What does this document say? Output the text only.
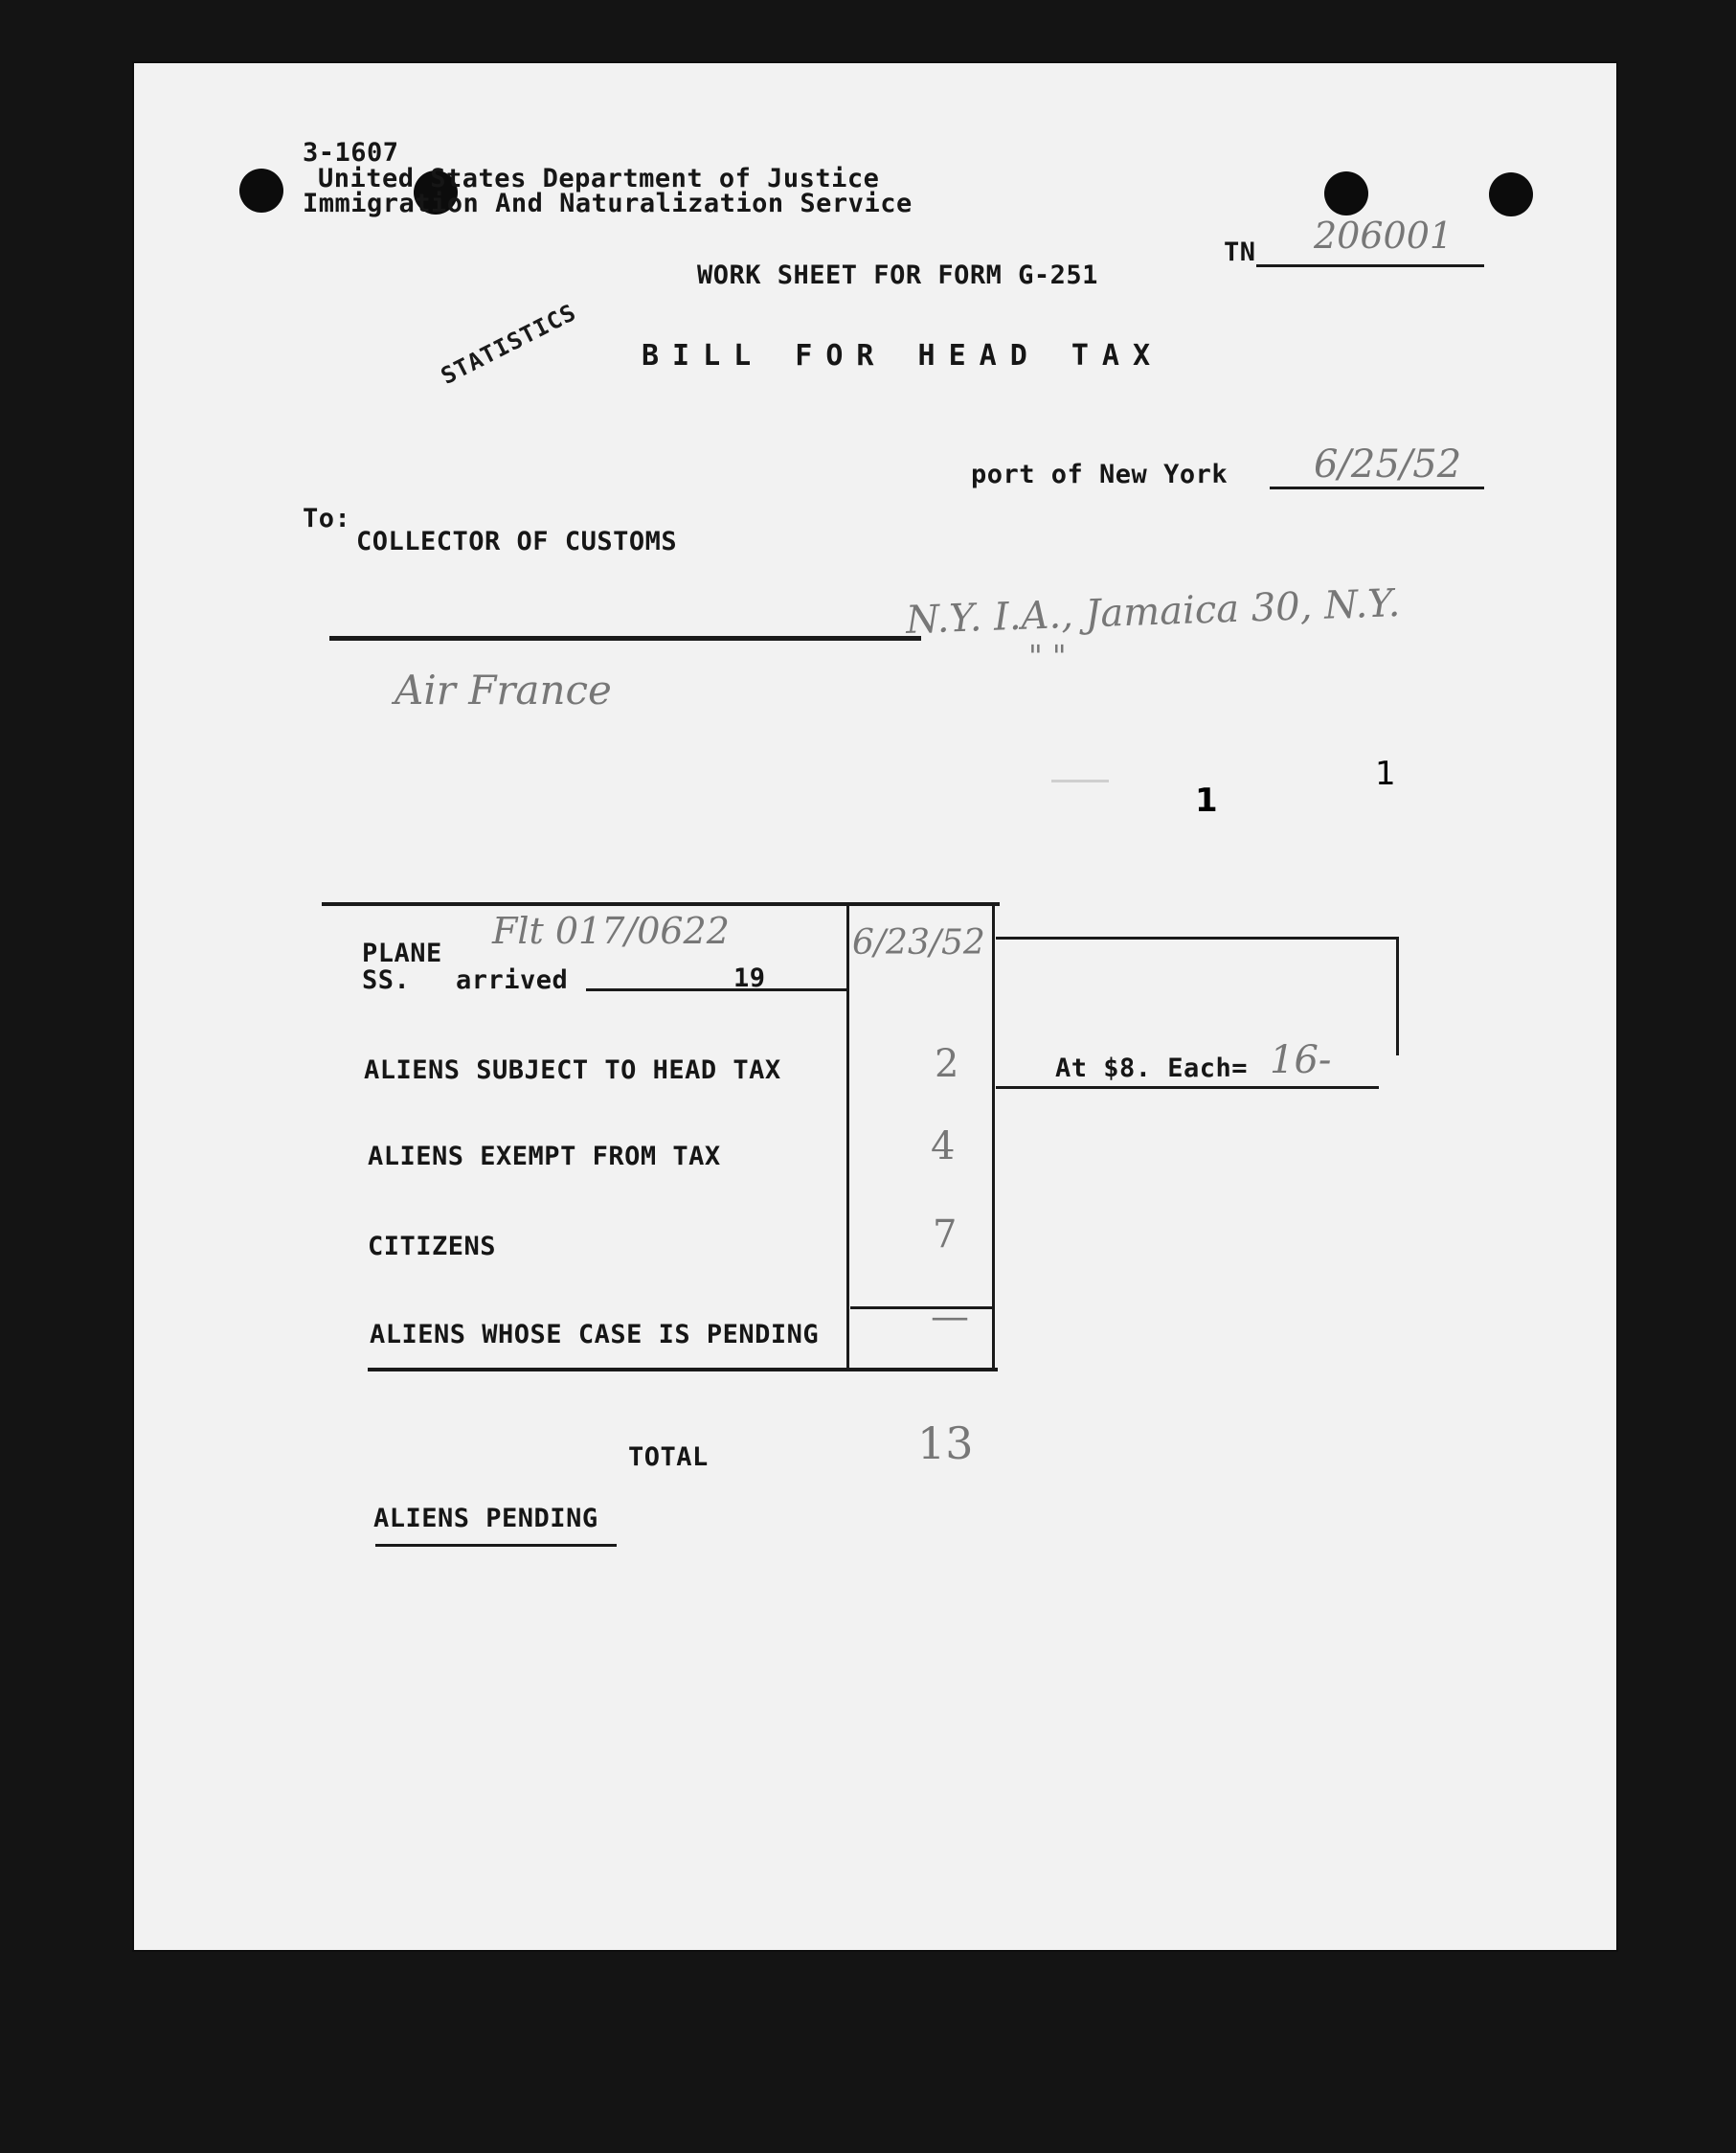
3-1607
United States Department of Justice
Immigration And Naturalization Service
STATISTICS
WORK SHEET FOR FORM G-251
TN 206001
BILL FOR HEAD TAX
port of New York 6/25/52
To:
COLLECTOR OF CUSTOMS
N.Y. I.A., Jamaica 30, N.Y.
" "
Air France
1
1
PLANE
Flt 017/0622
SS. arrived	19
6/23/52
ALIENS SUBJECT TO HEAD TAX	2	At $8. Each= 16-
ALIENS EXEMPT FROM TAX	4
CITIZENS	7
ALIENS WHOSE CASE IS PENDING	—
TOTAL	13
ALIENS PENDING
